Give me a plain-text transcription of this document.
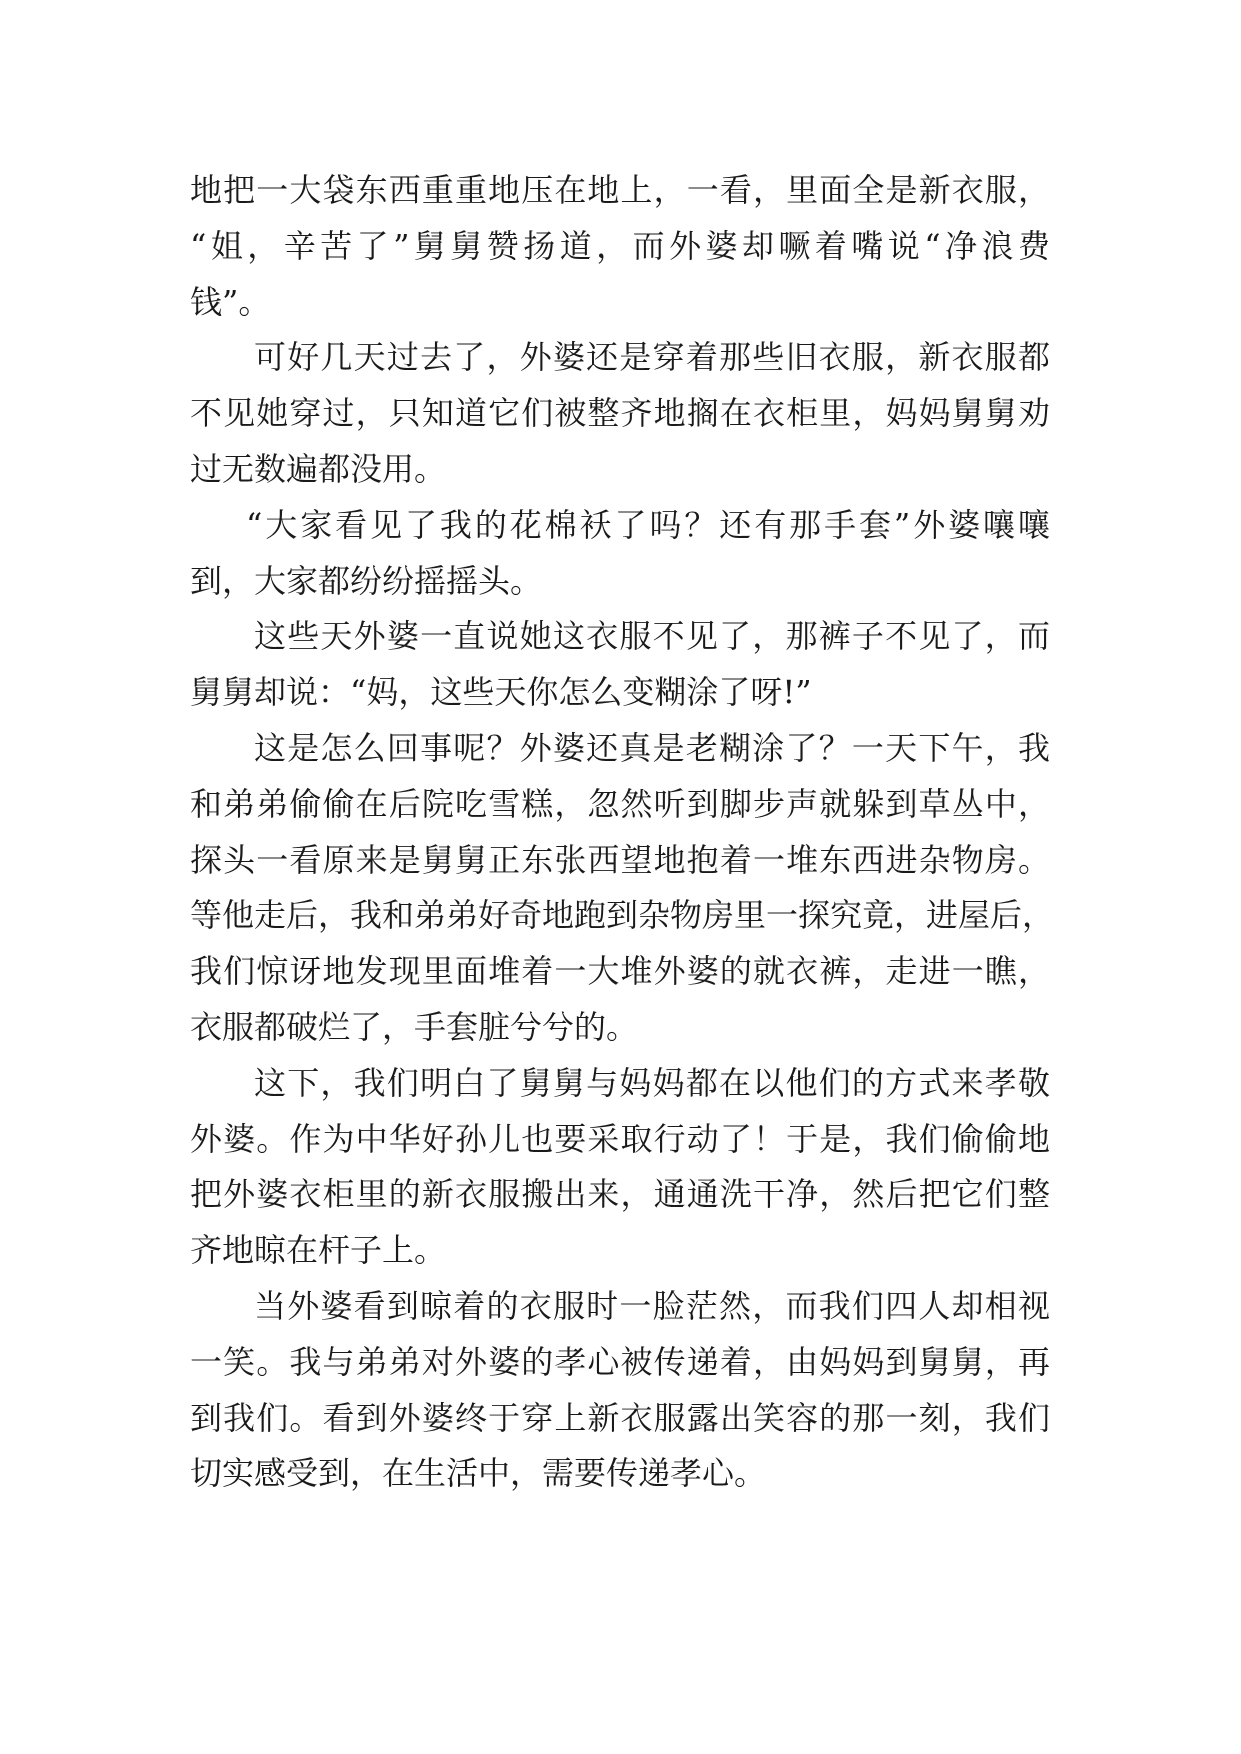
地把一大袋东西重重地压在地上，一看，里面全是新衣服，
“姐，辛苦了”舅舅赞扬道，而外婆却噘着嘴说“净浪费
钱”。
可好几天过去了，外婆还是穿着那些旧衣服，新衣服都
不见她穿过，只知道它们被整齐地搁在衣柜里，妈妈舅舅劝
过无数遍都没用。
“大家看见了我的花棉袄了吗？还有那手套”外婆嚷嚷
到，大家都纷纷摇摇头。
这些天外婆一直说她这衣服不见了，那裤子不见了，而
舅舅却说：“妈，这些天你怎么变糊涂了呀!”
这是怎么回事呢？外婆还真是老糊涂了？一天下午，我
和弟弟偷偷在后院吃雪糕，忽然听到脚步声就躲到草丛中，
探头一看原来是舅舅正东张西望地抱着一堆东西进杂物房。
等他走后，我和弟弟好奇地跑到杂物房里一探究竟，进屋后，
我们惊讶地发现里面堆着一大堆外婆的就衣裤，走进一瞧，
衣服都破烂了，手套脏兮兮的。
这下，我们明白了舅舅与妈妈都在以他们的方式来孝敬
外婆。作为中华好孙儿也要采取行动了！于是，我们偷偷地
把外婆衣柜里的新衣服搬出来，通通洗干净，然后把它们整
齐地晾在杆子上。
当外婆看到晾着的衣服时一脸茫然，而我们四人却相视
一笑。我与弟弟对外婆的孝心被传递着，由妈妈到舅舅，再
到我们。看到外婆终于穿上新衣服露出笑容的那一刻，我们
切实感受到，在生活中，需要传递孝心。
